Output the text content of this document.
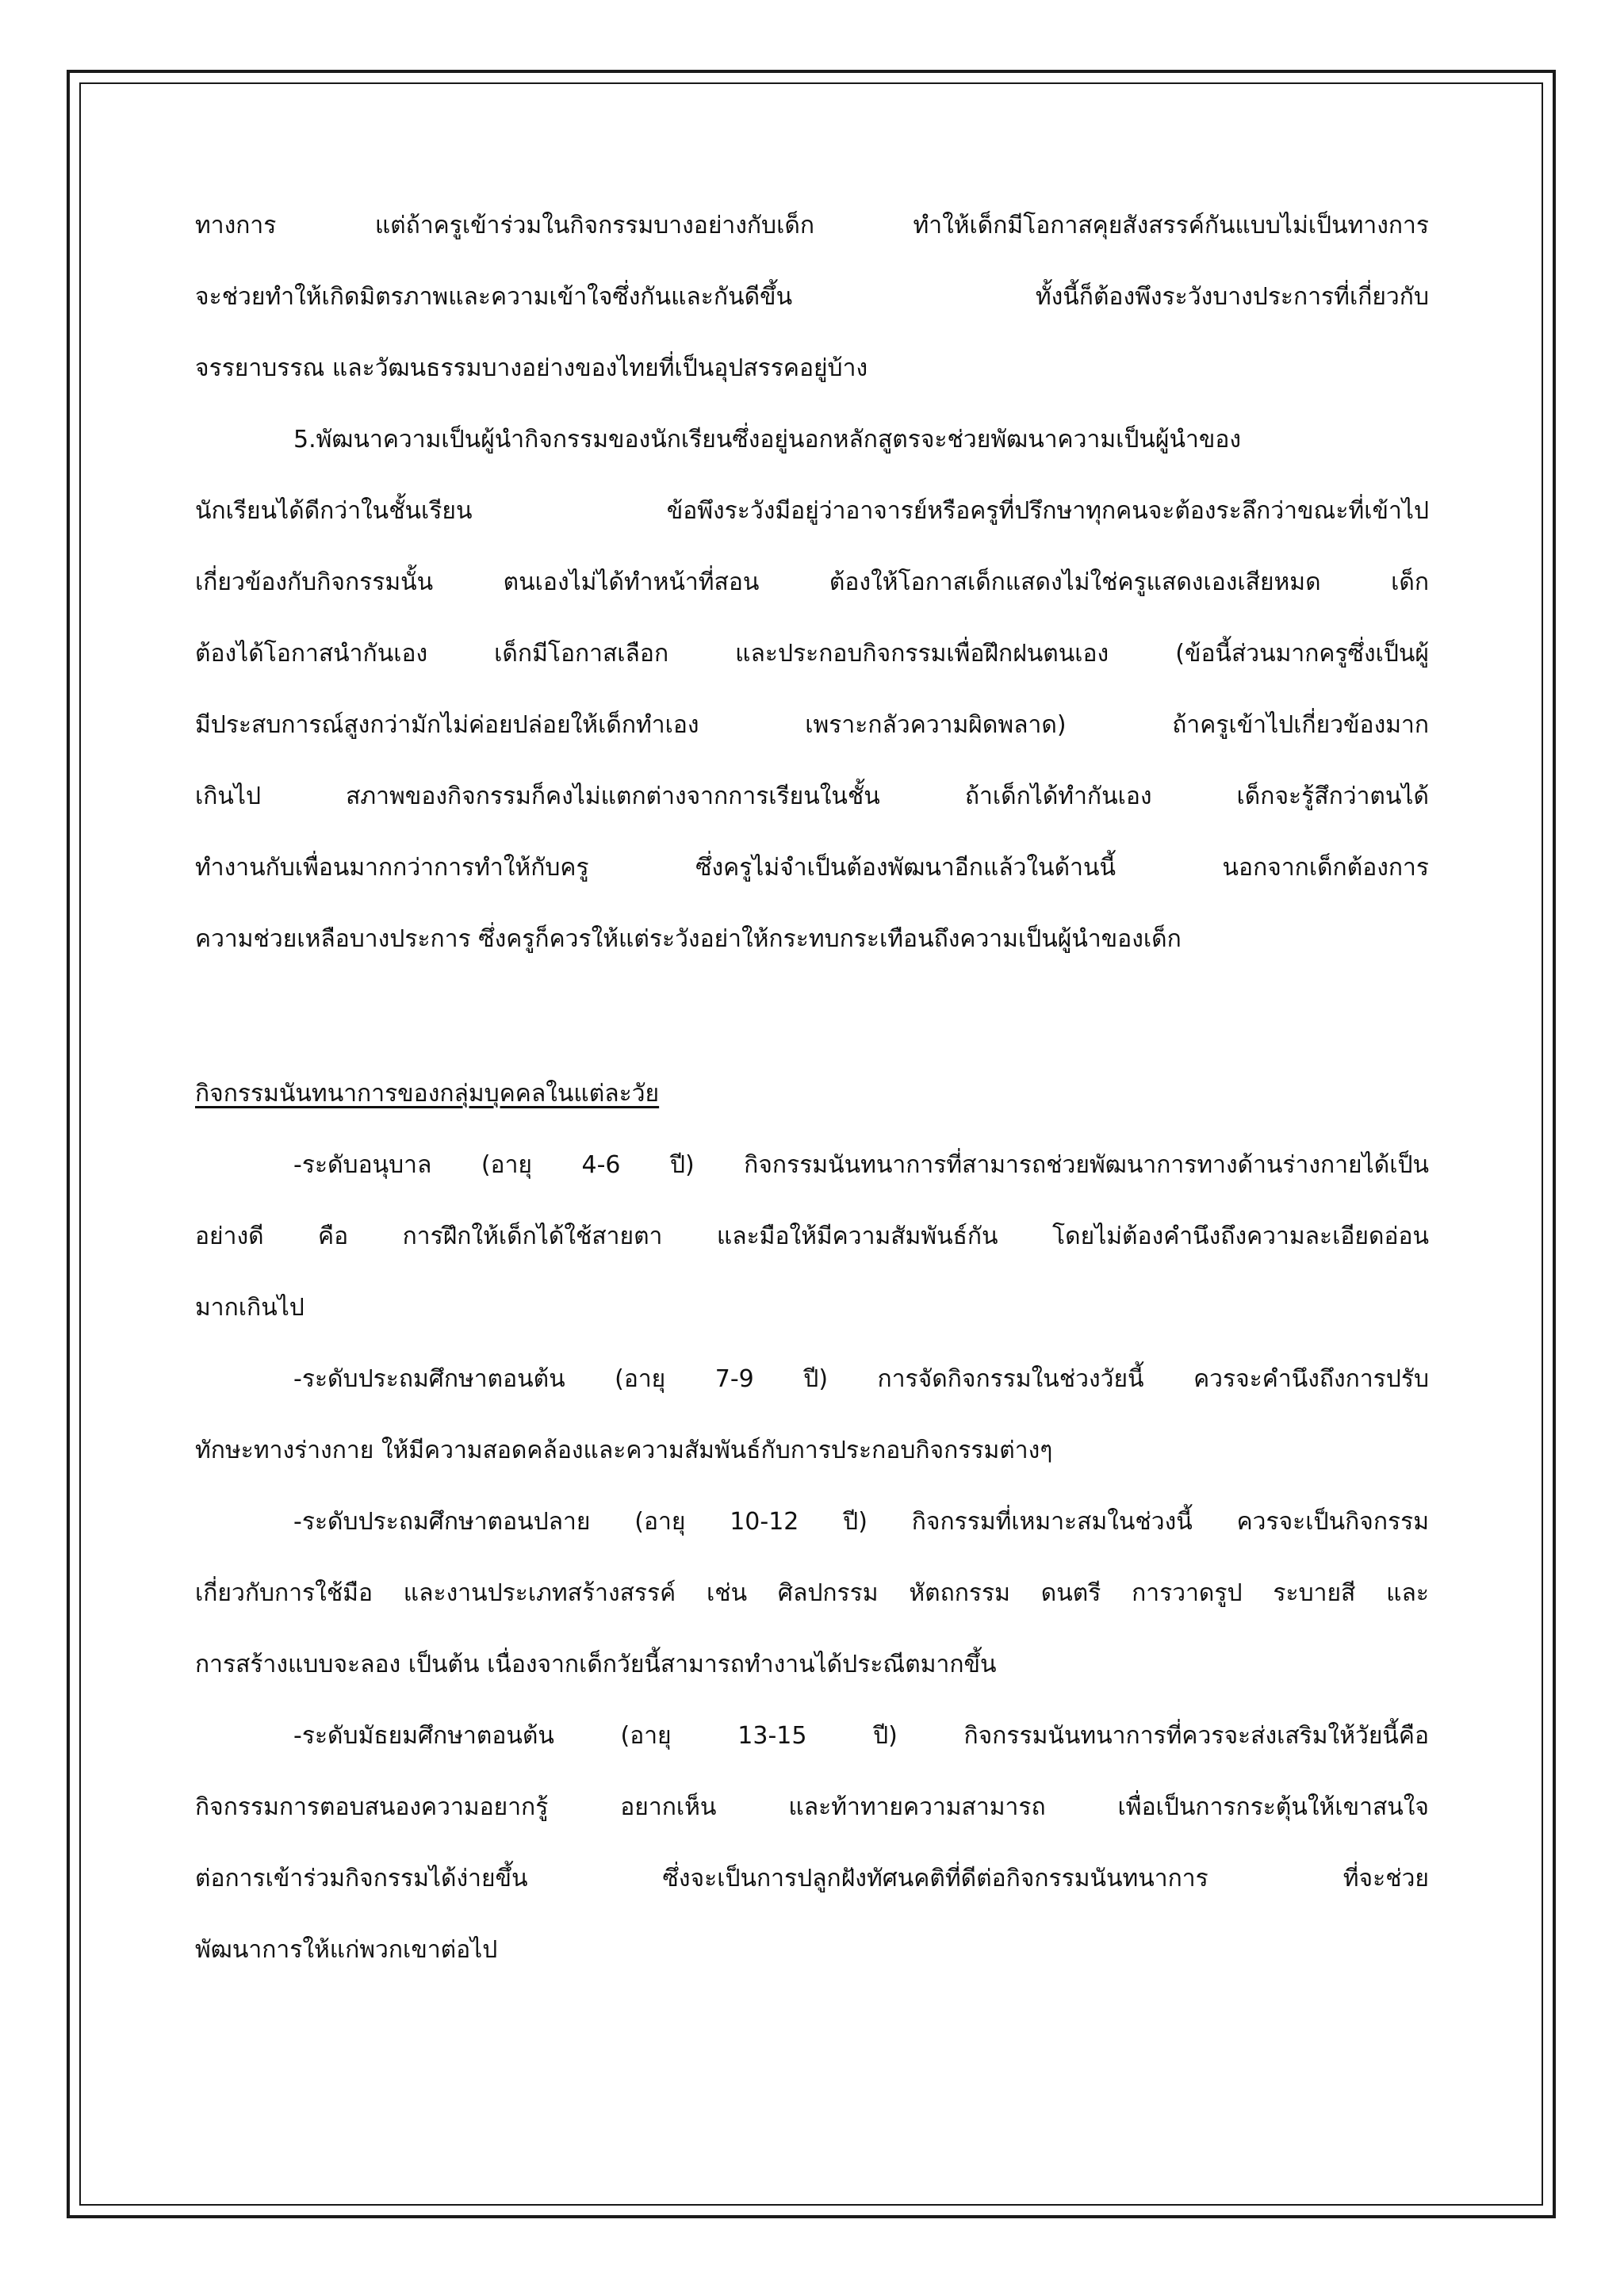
ทางการ แต่ถ้าครูเข้าร่วมในกิจกรรมบางอย่างกับเด็ก ทำให้เด็กมีโอกาสคุยสังสรรค์กันแบบไม่เป็นทางการ
จะช่วยทำให้เกิดมิตรภาพและความเข้าใจซึ่งกันและกันดีขึ้น ทั้งนี้ก็ต้องพึงระวังบางประการที่เกี่ยวกับ
จรรยาบรรณ และวัฒนธรรมบางอย่างของไทยที่เป็นอุปสรรคอยู่บ้าง
5.พัฒนาความเป็นผู้นำกิจกรรมของนักเรียนซึ่งอยู่นอกหลักสูตรจะช่วยพัฒนาความเป็นผู้นำของ
นักเรียนได้ดีกว่าในชั้นเรียน ข้อพึงระวังมีอยู่ว่าอาจารย์หรือครูที่ปรึกษาทุกคนจะต้องระลึกว่าขณะที่เข้าไป
เกี่ยวข้องกับกิจกรรมนั้น ตนเองไม่ได้ทำหน้าที่สอน ต้องให้โอกาสเด็กแสดงไม่ใช่ครูแสดงเองเสียหมด เด็ก
ต้องได้โอกาสนำกันเอง เด็กมีโอกาสเลือก และประกอบกิจกรรมเพื่อฝึกฝนตนเอง (ข้อนี้ส่วนมากครูซึ่งเป็นผู้
มีประสบการณ์สูงกว่ามักไม่ค่อยปล่อยให้เด็กทำเอง เพราะกลัวความผิดพลาด) ถ้าครูเข้าไปเกี่ยวข้องมาก
เกินไป สภาพของกิจกรรมก็คงไม่แตกต่างจากการเรียนในชั้น ถ้าเด็กได้ทำกันเอง เด็กจะรู้สึกว่าตนได้
ทำงานกับเพื่อนมากกว่าการทำให้กับครู ซึ่งครูไม่จำเป็นต้องพัฒนาอีกแล้วในด้านนี้ นอกจากเด็กต้องการ
ความช่วยเหลือบางประการ ซึ่งครูก็ควรให้แต่ระวังอย่าให้กระทบกระเทือนถึงความเป็นผู้นำของเด็ก
กิจกรรมนันทนาการของกลุ่มบุคคลในแต่ละวัย
-ระดับอนุบาล (อายุ 4-6 ปี) กิจกรรมนันทนาการที่สามารถช่วยพัฒนาการทางด้านร่างกายได้เป็น
อย่างดี คือ การฝึกให้เด็กได้ใช้สายตา และมือให้มีความสัมพันธ์กัน โดยไม่ต้องคำนึงถึงความละเอียดอ่อน
มากเกินไป
-ระดับประถมศึกษาตอนต้น (อายุ 7-9 ปี) การจัดกิจกรรมในช่วงวัยนี้ ควรจะคำนึงถึงการปรับ
ทักษะทางร่างกาย ให้มีความสอดคล้องและความสัมพันธ์กับการประกอบกิจกรรมต่างๆ
-ระดับประถมศึกษาตอนปลาย (อายุ 10-12 ปี) กิจกรรมที่เหมาะสมในช่วงนี้ ควรจะเป็นกิจกรรม
เกี่ยวกับการใช้มือ และงานประเภทสร้างสรรค์ เช่น ศิลปกรรม หัตถกรรม ดนตรี การวาดรูป ระบายสี และ
การสร้างแบบจะลอง เป็นต้น เนื่องจากเด็กวัยนี้สามารถทำงานได้ประณีตมากขึ้น
-ระดับมัธยมศึกษาตอนต้น (อายุ 13-15 ปี) กิจกรรมนันทนาการที่ควรจะส่งเสริมให้วัยนี้คือ
กิจกรรมการตอบสนองความอยากรู้ อยากเห็น และท้าทายความสามารถ เพื่อเป็นการกระตุ้นให้เขาสนใจ
ต่อการเข้าร่วมกิจกรรมได้ง่ายขึ้น ซึ่งจะเป็นการปลูกฝังทัศนคติที่ดีต่อกิจกรรมนันทนาการ ที่จะช่วย
พัฒนาการให้แก่พวกเขาต่อไป
